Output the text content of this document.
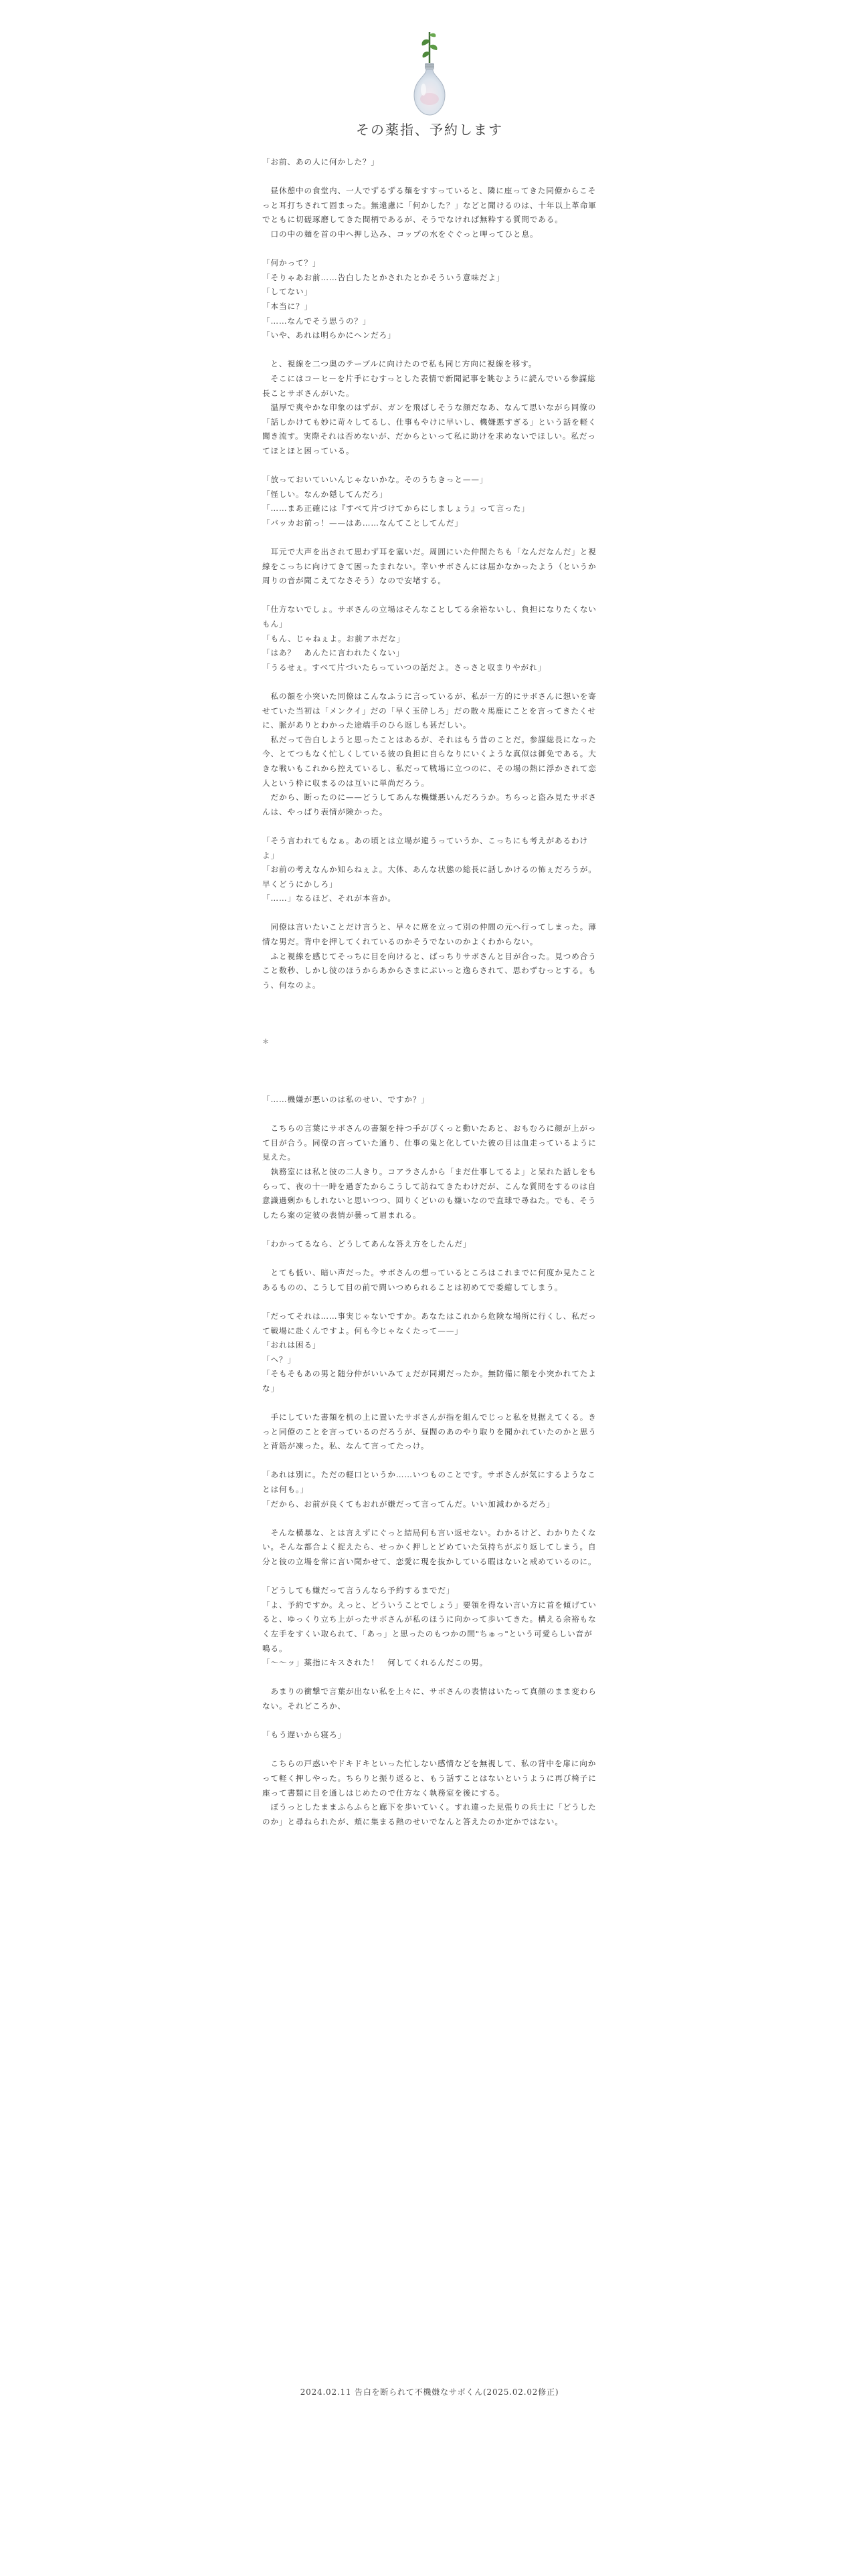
その薬指、予約します

「お前、あの人に何かした？」

　昼休憩中の食堂内、一人でずるずる麺をすすっていると、隣に座ってきた同僚からこそっと耳打ちされて固まった。無遠慮に「何かした？」などと聞けるのは、十年以上革命軍でともに切磋琢磨してきた間柄であるが、そうでなければ無粋する質問である。

　口の中の麺を首の中へ押し込み、コップの水をぐぐっと呷ってひと息。

「何かって？」

「そりゃあお前……告白したとかされたとかそういう意味だよ」

「してない」

「本当に？」

「……なんでそう思うの？」

「いや、あれは明らかにヘンだろ」

　と、視線を二つ奥のテーブルに向けたので私も同じ方向に視線を移す。

　そこにはコーヒーを片手にむすっとした表情で新聞記事を眺むように読んでいる参謀総長ことサボさんがいた。

　温厚で爽やかな印象のはずが、ガンを飛ばしそうな顔だなあ、なんて思いながら同僚の「話しかけても妙に苛々してるし、仕事もやけに早いし、機嫌悪すぎる」という話を軽く聞き流す。実際それは否めないが、だからといって私に助けを求めないでほしい。私だってほとほと困っている。

「放っておいていいんじゃないかな。そのうちきっと——」

「怪しい。なんか隠してんだろ」

「……まあ正確には『すべて片づけてからにしましょう』って言った」

「バッカお前っ！——はあ……なんてことしてんだ」

　耳元で大声を出されて思わず耳を塞いだ。周囲にいた仲間たちも「なんだなんだ」と視線をこっちに向けてきて困ったまれない。幸いサボさんには届かなかったよう（というか周りの音が聞こえてなさそう）なので安堵する。

「仕方ないでしょ。サボさんの立場はそんなことしてる余裕ないし、負担になりたくないもん」

「もん、じゃねぇよ。お前アホだな」

「はあ？　あんたに言われたくない」

「うるせぇ。すべて片づいたらっていつの話だよ。さっさと収まりやがれ」

　私の額を小突いた同僚はこんなふうに言っているが、私が一方的にサボさんに想いを寄せていた当初は「メンクイ」だの「早く玉砕しろ」だの散々馬鹿にことを言ってきたくせに、脈がありとわかった途端手のひら返しも甚だしい。

　私だって告白しようと思ったことはあるが、それはもう昔のことだ。参謀総長になった今、とてつもなく忙しくしている彼の負担に自らなりにいくような真似は御免である。大きな戦いもこれから控えているし、私だって戦場に立つのに、その場の熱に浮かされて恋人という枠に収まるのは互いに単尚だろう。

　だから、断ったのに——どうしてあんな機嫌悪いんだろうか。ちらっと盗み見たサボさんは、やっぱり表情が険かった。

「そう言われてもなぁ。あの頃とは立場が違うっていうか、こっちにも考えがあるわけよ」

「お前の考えなんか知らねぇよ。大体、あんな状態の総長に話しかけるの怖ぇだろうが。早くどうにかしろ」

「……」なるほど、それが本音か。

　同僚は言いたいことだけ言うと、早々に席を立って別の仲間の元へ行ってしまった。薄情な男だ。背中を押してくれているのかそうでないのかよくわからない。

　ふと視線を感じてそっちに目を向けると、ばっちりサボさんと目が合った。見つめ合うこと数秒、しかし彼のほうからあからさまにぷいっと逸らされて、思わずむっとする。もう、何なのよ。

＊

「……機嫌が悪いのは私のせい、ですか？」

　こちらの言葉にサボさんの書類を持つ手がぴくっと動いたあと、おもむろに顔が上がって目が合う。同僚の言っていた通り、仕事の鬼と化していた彼の目は血走っているように見えた。

　執務室には私と彼の二人きり。コアラさんから「まだ仕事してるよ」と呆れた話しをもらって、夜の十一時を過ぎたからこうして訪ねてきたわけだが、こんな質問をするのは自意識過剰かもしれないと思いつつ、回りくどいのも嫌いなので直球で尋ねた。でも、そうしたら案の定彼の表情が曇って眉まれる。

「わかってるなら、どうしてあんな答え方をしたんだ」

　とても低い、暗い声だった。サボさんの想っているところはこれまでに何度か見たことあるものの、こうして目の前で問いつめられることは初めてで委縮してしまう。

「だってそれは……事実じゃないですか。あなたはこれから危険な場所に行くし、私だって戦場に赴くんですよ。何も今じゃなくたって——」

「おれは困る」

「へ？」

「そもそもあの男と随分仲がいいみてぇだが同期だったか。無防備に額を小突かれてたよな」

　手にしていた書類を机の上に置いたサボさんが指を組んでじっと私を見据えてくる。きっと同僚のことを言っているのだろうが、昼間のあのやり取りを聞かれていたのかと思うと背筋が凍った。私、なんて言ってたっけ。

「あれは別に。ただの軽口というか……いつものことです。サボさんが気にするようなことは何も。」

「だから、お前が良くてもおれが嫌だって言ってんだ。いい加減わかるだろ」

　そんな横暴な、とは言えずにぐっと結局何も言い返せない。わかるけど、わかりたくない。そんな都合よく捉えたら、せっかく押しとどめていた気持ちがぶり返してしまう。自分と彼の立場を常に言い聞かせて、恋愛に現を抜かしている暇はないと戒めているのに。

「どうしても嫌だって言うんなら予約するまでだ」

「よ、予約ですか。えっと、どういうことでしょう」要領を得ない言い方に首を傾げていると、ゆっくり立ち上がったサボさんが私のほうに向かって歩いてきた。構える余裕もなく左手をすくい取られて、「あっ」と思ったのもつかの間"ちゅっ"という可愛らしい音が鳴る。

「〜〜ッ」薬指にキスされた！　何してくれるんだこの男。

　あまりの衝撃で言葉が出ない私を上々に、サボさんの表情はいたって真顔のまま変わらない。それどころか、

「もう遅いから寝ろ」

　こちらの戸惑いやドキドキといった忙しない感情などを無視して、私の背中を扉に向かって軽く押しやった。ちらりと振り返ると、もう話すことはないというように再び椅子に座って書類に目を通しはじめたので仕方なく執務室を後にする。

　ぼうっとしたままふらふらと廊下を歩いていく。すれ違った見張りの兵士に「どうしたのか」と尋ねられたが、頬に集まる熱のせいでなんと答えたのか定かではない。

2024.02.11 告白を断られて不機嫌なサボくん(2025.02.02修正)
